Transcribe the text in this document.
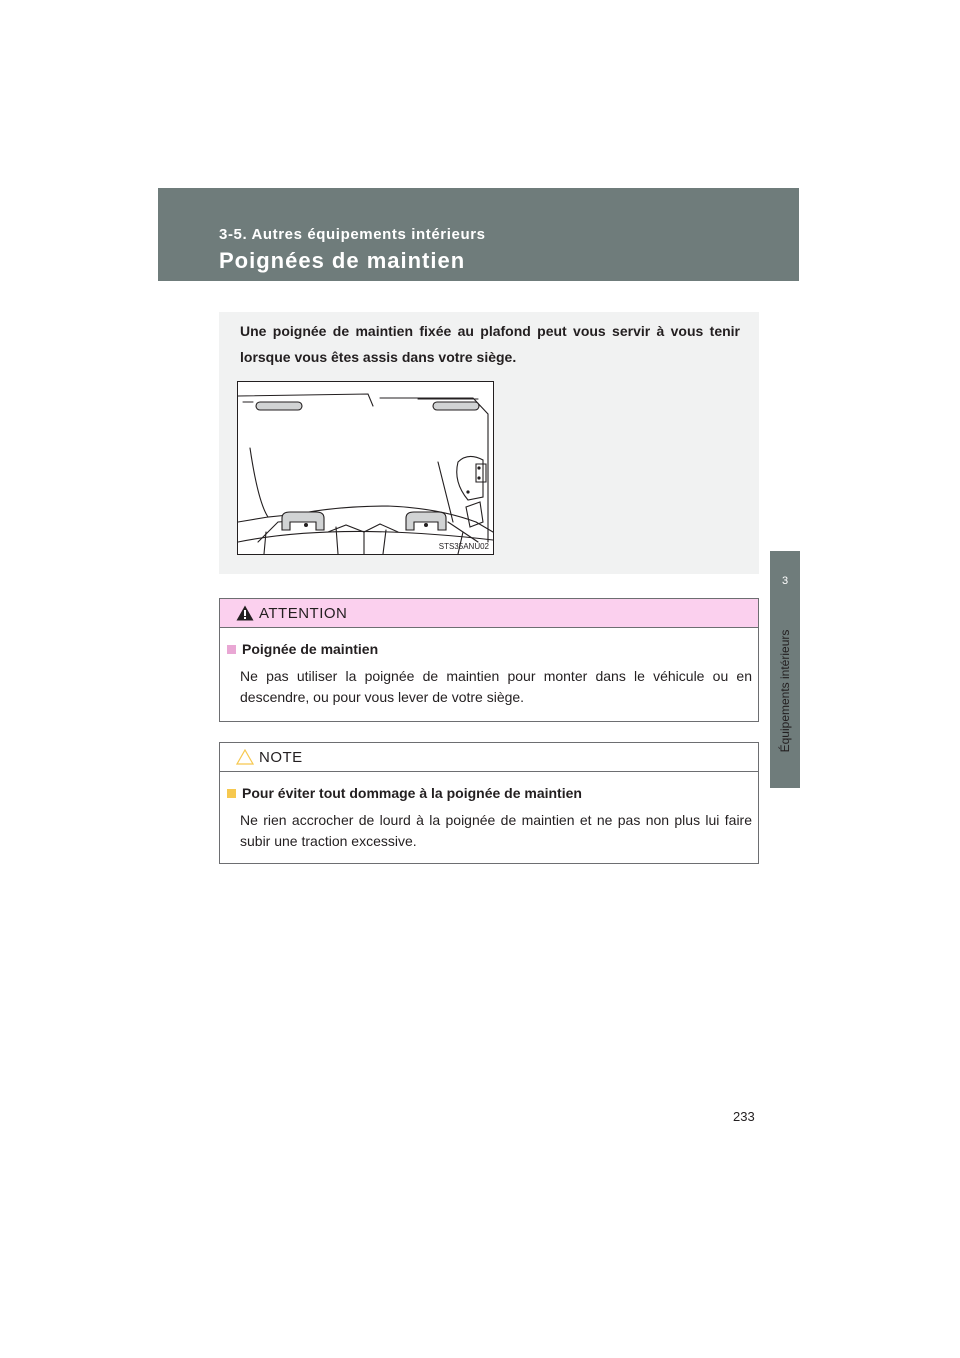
3-5. Autres équipements intérieurs
Poignées de maintien
3
Équipements intérieurs
Une poignée de maintien fixée au plafond peut vous servir à vous tenir lorsque vous êtes assis dans votre siège.
STS35ANU02
ATTENTION
Poignée de maintien
Ne pas utiliser la poignée de maintien pour monter dans le véhicule ou en descendre, ou pour vous lever de votre siège.
NOTE
Pour éviter tout dommage à la poignée de maintien
Ne rien accrocher de lourd à la poignée de maintien et ne pas non plus lui faire subir une traction excessive.
233
